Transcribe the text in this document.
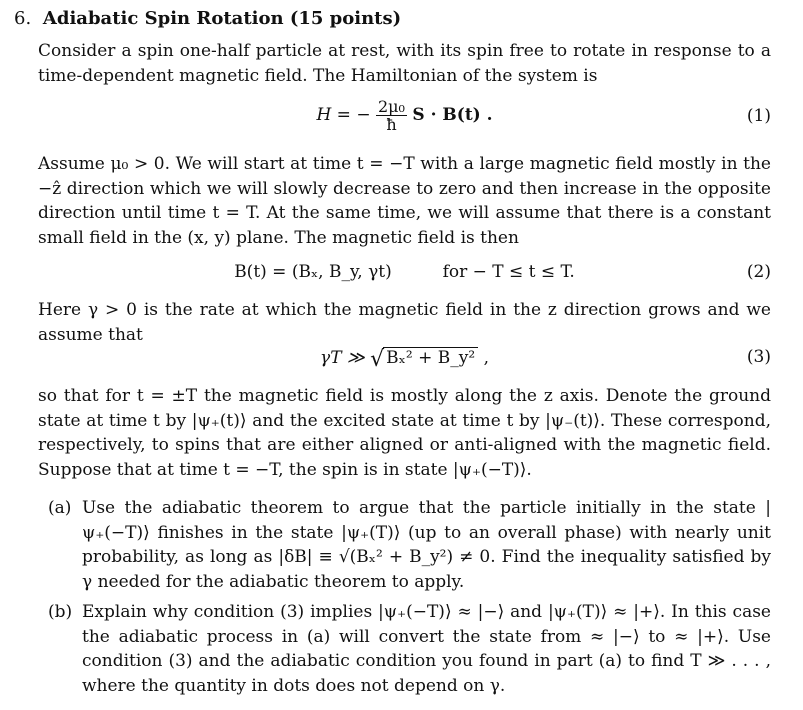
6. Adiabatic Spin Rotation (15 points)
Consider a spin one-half particle at rest, with its spin free to rotate in response to a time-dependent magnetic field. The Hamiltonian of the system is
H = − $\frac{\text{2μ₀}}{ħ}$ S · B(t) .	(1)
Assume μ₀ > 0. We will start at time t = −T with a large magnetic field mostly in the −ẑ direction which we will slowly decrease to zero and then increase in the opposite direction until time t = T. At the same time, we will assume that there is a constant small field in the (x, y) plane. The magnetic field is then
B(t) = (Bₓ, B_y, γt)	for − T ≤ t ≤ T.	(2)
Here γ > 0 is the rate at which the magnetic field in the z direction grows and we assume that
γT ≫ √ Bₓ² + B_y² ,	(3)
so that for t = ±T the magnetic field is mostly along the z axis. Denote the ground state at time t by |ψ₊(t)⟩ and the excited state at time t by |ψ₋(t)⟩. These correspond, respectively, to spins that are either aligned or anti-aligned with the magnetic field. Suppose that at time t = −T, the spin is in state |ψ₊(−T)⟩.
(a) Use the adiabatic theorem to argue that the particle initially in the state |ψ₊(−T)⟩ finishes in the state |ψ₊(T)⟩ (up to an overall phase) with nearly unit probability, as long as |δB| ≡ √(Bₓ² + B_y²) ≠ 0. Find the inequality satisfied by γ needed for the adiabatic theorem to apply.
(b) Explain why condition (3) implies |ψ₊(−T)⟩ ≈ |−⟩ and |ψ₊(T)⟩ ≈ |+⟩. In this case the adiabatic process in (a) will convert the state from ≈ |−⟩ to ≈ |+⟩. Use condition (3) and the adiabatic condition you found in part (a) to find T ≫ . . . , where the quantity in dots does not depend on γ.
